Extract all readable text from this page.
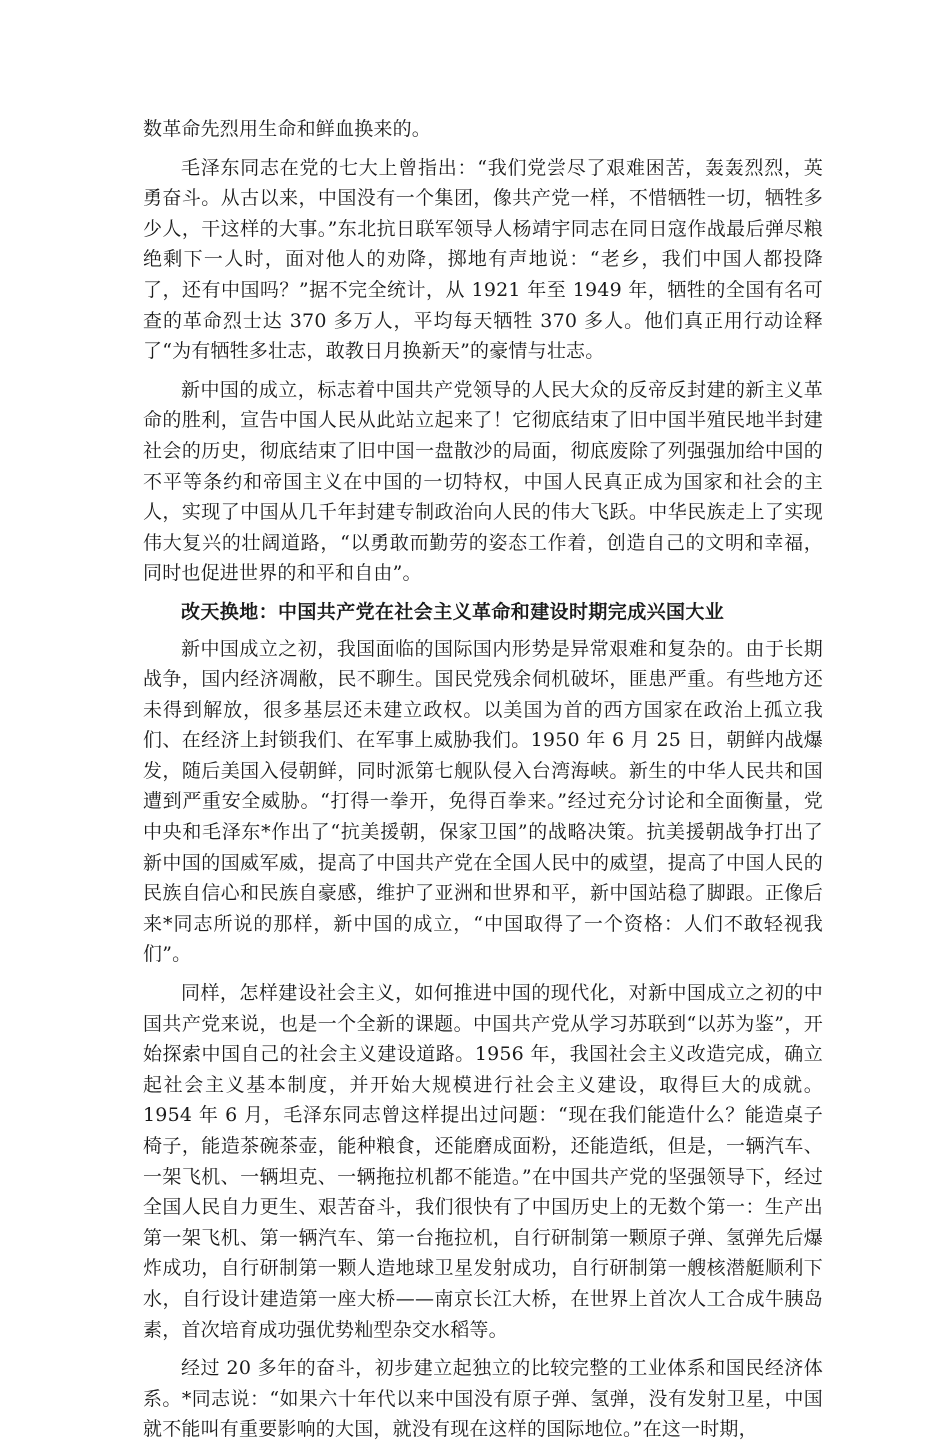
数革命先烈用生命和鲜血换来的。

毛泽东同志在党的七大上曾指出：“我们党尝尽了艰难困苦，轰轰烈烈，英勇奋斗。从古以来，中国没有一个集团，像共产党一样，不惜牺牲一切，牺牲多少人，干这样的大事。”东北抗日联军领导人杨靖宇同志在同日寇作战最后弹尽粮绝剩下一人时，面对他人的劝降，掷地有声地说：“老乡，我们中国人都投降了，还有中国吗？”据不完全统计，从 1921 年至 1949 年，牺牲的全国有名可查的革命烈士达 370 多万人，平均每天牺牲 370 多人。他们真正用行动诠释了“为有牺牲多壮志，敢教日月换新天”的豪情与壮志。

新中国的成立，标志着中国共产党领导的人民大众的反帝反封建的新主义革命的胜利，宣告中国人民从此站立起来了！它彻底结束了旧中国半殖民地半封建社会的历史，彻底结束了旧中国一盘散沙的局面，彻底废除了列强强加给中国的不平等条约和帝国主义在中国的一切特权，中国人民真正成为国家和社会的主人，实现了中国从几千年封建专制政治向人民的伟大飞跃。中华民族走上了实现伟大复兴的壮阔道路，“以勇敢而勤劳的姿态工作着，创造自己的文明和幸福，同时也促进世界的和平和自由”。

改天换地：中国共产党在社会主义革命和建设时期完成兴国大业

新中国成立之初，我国面临的国际国内形势是异常艰难和复杂的。由于长期战争，国内经济凋敝，民不聊生。国民党残余伺机破坏，匪患严重。有些地方还未得到解放，很多基层还未建立政权。以美国为首的西方国家在政治上孤立我们、在经济上封锁我们、在军事上威胁我们。1950 年 6 月 25 日，朝鲜内战爆发，随后美国入侵朝鲜，同时派第七舰队侵入台湾海峡。新生的中华人民共和国遭到严重安全威胁。“打得一拳开，免得百拳来。”经过充分讨论和全面衡量，党中央和毛泽东*作出了“抗美援朝，保家卫国”的战略决策。抗美援朝战争打出了新中国的国威军威，提高了中国共产党在全国人民中的威望，提高了中国人民的民族自信心和民族自豪感，维护了亚洲和世界和平，新中国站稳了脚跟。正像后来*同志所说的那样，新中国的成立，“中国取得了一个资格：人们不敢轻视我们”。

同样，怎样建设社会主义，如何推进中国的现代化，对新中国成立之初的中国共产党来说，也是一个全新的课题。中国共产党从学习苏联到“以苏为鉴”，开始探索中国自己的社会主义建设道路。1956 年，我国社会主义改造完成，确立起社会主义基本制度，并开始大规模进行社会主义建设，取得巨大的成就。1954 年 6 月，毛泽东同志曾这样提出过问题：“现在我们能造什么？能造桌子椅子，能造茶碗茶壶，能种粮食，还能磨成面粉，还能造纸，但是，一辆汽车、一架飞机、一辆坦克、一辆拖拉机都不能造。”在中国共产党的坚强领导下，经过全国人民自力更生、艰苦奋斗，我们很快有了中国历史上的无数个第一：生产出第一架飞机、第一辆汽车、第一台拖拉机，自行研制第一颗原子弹、氢弹先后爆炸成功，自行研制第一颗人造地球卫星发射成功，自行研制第一艘核潜艇顺利下水，自行设计建造第一座大桥——南京长江大桥，在世界上首次人工合成牛胰岛素，首次培育成功强优势籼型杂交水稻等。

经过 20 多年的奋斗，初步建立起独立的比较完整的工业体系和国民经济体系。*同志说：“如果六十年代以来中国没有原子弹、氢弹，没有发射卫星，中国就不能叫有重要影响的大国，就没有现在这样的国际地位。”在这一时期，
